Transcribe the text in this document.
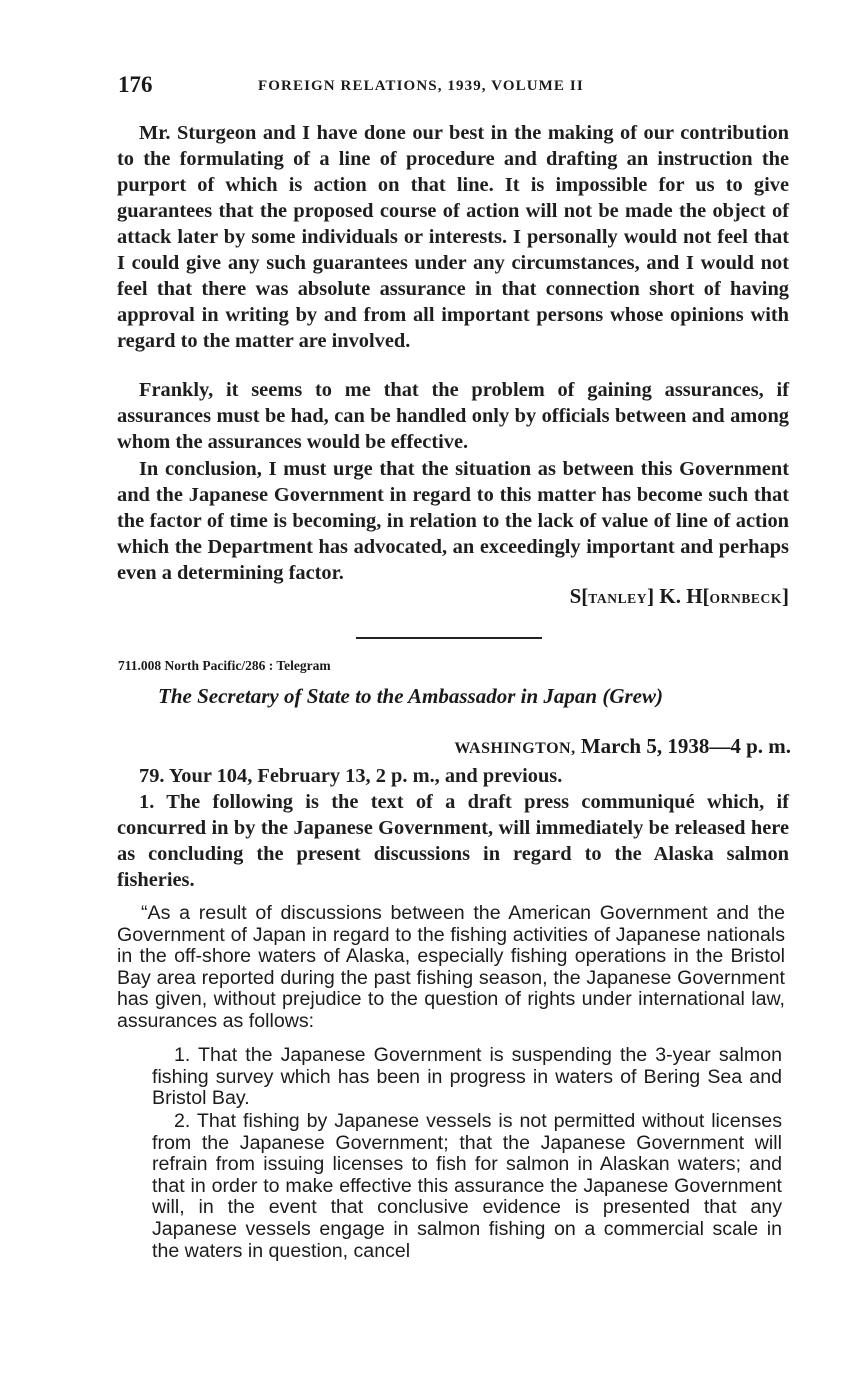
176	FOREIGN RELATIONS, 1939, VOLUME II

Mr. Sturgeon and I have done our best in the making of our contribution to the formulating of a line of procedure and drafting an instruction the purport of which is action on that line. It is impossible for us to give guarantees that the proposed course of action will not be made the object of attack later by some individuals or interests. I personally would not feel that I could give any such guarantees under any circumstances, and I would not feel that there was absolute assurance in that connection short of having approval in writing by and from all important persons whose opinions with regard to the matter are involved.

Frankly, it seems to me that the problem of gaining assurances, if assurances must be had, can be handled only by officials between and among whom the assurances would be effective.

In conclusion, I must urge that the situation as between this Government and the Japanese Government in regard to this matter has become such that the factor of time is becoming, in relation to the lack of value of line of action which the Department has advocated, an exceedingly important and perhaps even a determining factor.

S[TANLEY] K. H[ORNBECK]
711.008 North Pacific/286 : Telegram
The Secretary of State to the Ambassador in Japan (Grew)
WASHINGTON, March 5, 1938—4 p. m.

79. Your 104, February 13, 2 p. m., and previous.

1. The following is the text of a draft press communiqué which, if concurred in by the Japanese Government, will immediately be released here as concluding the present discussions in regard to the Alaska salmon fisheries.

“As a result of discussions between the American Government and the Government of Japan in regard to the fishing activities of Japanese nationals in the off-shore waters of Alaska, especially fishing operations in the Bristol Bay area reported during the past fishing season, the Japanese Government has given, without prejudice to the question of rights under international law, assurances as follows:

1. That the Japanese Government is suspending the 3-year salmon fishing survey which has been in progress in waters of Bering Sea and Bristol Bay.

2. That fishing by Japanese vessels is not permitted without licenses from the Japanese Government; that the Japanese Government will refrain from issuing licenses to fish for salmon in Alaskan waters; and that in order to make effective this assurance the Japanese Government will, in the event that conclusive evidence is presented that any Japanese vessels engage in salmon fishing on a commercial scale in the waters in question, cancel
